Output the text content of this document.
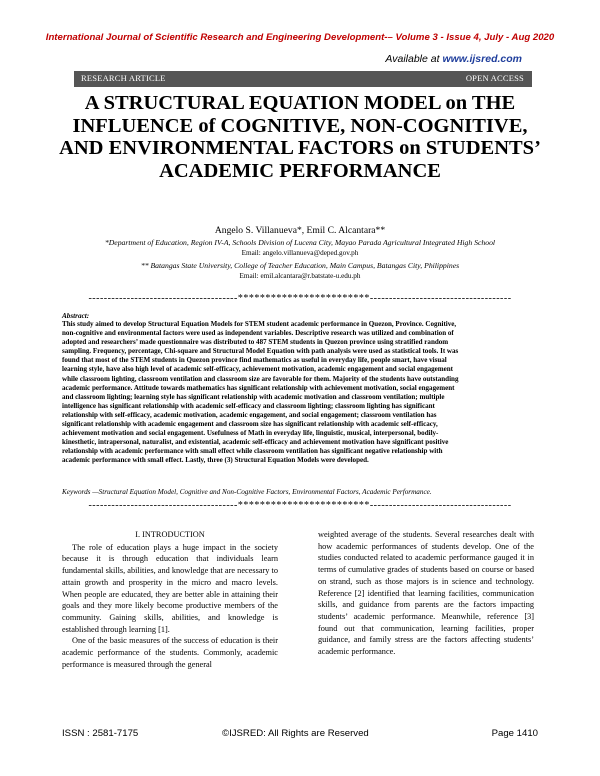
International Journal of Scientific Research and Engineering Development-– Volume 3 - Issue 4, July - Aug 2020
Available at www.ijsred.com
RESEARCH ARTICLE	OPEN ACCESS
A STRUCTURAL EQUATION MODEL on THE INFLUENCE of COGNITIVE, NON-COGNITIVE, AND ENVIRONMENTAL FACTORS on STUDENTS’ ACADEMIC PERFORMANCE
Angelo S. Villanueva*, Emil C. Alcantara**
*Department of Education, Region IV-A, Schools Division of Lucena City, Mayao Parada Agricultural Integrated High School
Email: angelo.villanueva@deped.gov.ph
** Batangas State University, College of Teacher Education, Main Campus, Batangas City, Philippines
Email: emil.alcantara@r.batstate-u.edu.ph
---------------------------------------************************-------------------------------------
Abstract:
This study aimed to develop Structural Equation Models for STEM student academic performance in Quezon, Province. Cognitive,
non-cognitive and environmental factors were used as independent variables. Descriptive research was utilized and combination of
adopted and researchers’ made questionnaire was distributed to 487 STEM students in Quezon province using stratified random
sampling. Frequency, percentage, Chi-square and Structural Model Equation with path analysis were used as statistical tools. It was
found that most of the STEM students in Quezon province find mathematics as useful in everyday life, people smart, have visual
learning style, have also high level of academic self-efficacy, achievement motivation, academic engagement and social engagement
while classroom lighting, classroom ventilation and classroom size are favorable for them. Majority of the students have outstanding
academic performance. Attitude towards mathematics has significant relationship with achievement motivation, social engagement
and classroom lighting; learning style has significant relationship with academic motivation and classroom ventilation; multiple
intelligence has significant relationship with academic self-efficacy and classroom lighting; classroom lighting has significant
relationship with self-efficacy, academic motivation, academic engagement, and social engagement; classroom ventilation has
significant relationship with academic engagement and classroom size has significant relationship with academic self-efficacy,
achievement motivation and social engagement. Usefulness of Math in everyday life, linguistic, musical, interpersonal, bodily-
kinesthetic, intrapersonal, naturalist, and existential, academic self-efficacy and achievement motivation have significant positive
relationship with academic performance with small effect while classroom ventilation has significant negative relationship with
academic performance with small effect. Lastly, three (3) Structural Equation Models were developed.
Keywords —Structural Equation Model, Cognitive and Non-Cognitive Factors, Environmental Factors, Academic Performance.
---------------------------------------************************-------------------------------------

I. INTRODUCTION

The role of education plays a huge impact in the society because it is through education that individuals learn fundamental skills, abilities, and knowledge that are necessary to attain growth and prosperity in the micro and macro levels. When people are educated, they are better able in attaining their goals and they more likely become productive members of the community. Gaining skills, abilities, and knowledge is established through learning [1].

One of the basic measures of the success of education is their academic performance of the students. Commonly, academic performance is measured through the general

weighted average of the students. Several researches dealt with how academic performances of students develop. One of the studies conducted related to academic performance gauged it in terms of cumulative grades of students based on course or based on strand, such as those majors is in science and technology. Reference [2] identified that learning facilities, communication skills, and guidance from parents are the factors impacting students’ academic performance. Meanwhile, reference [3] found out that communication, learning facilities, proper guidance, and family stress are the factors affecting students’ academic performance.

ISSN : 2581-7175	©IJSRED: All Rights are Reserved	Page 1410
